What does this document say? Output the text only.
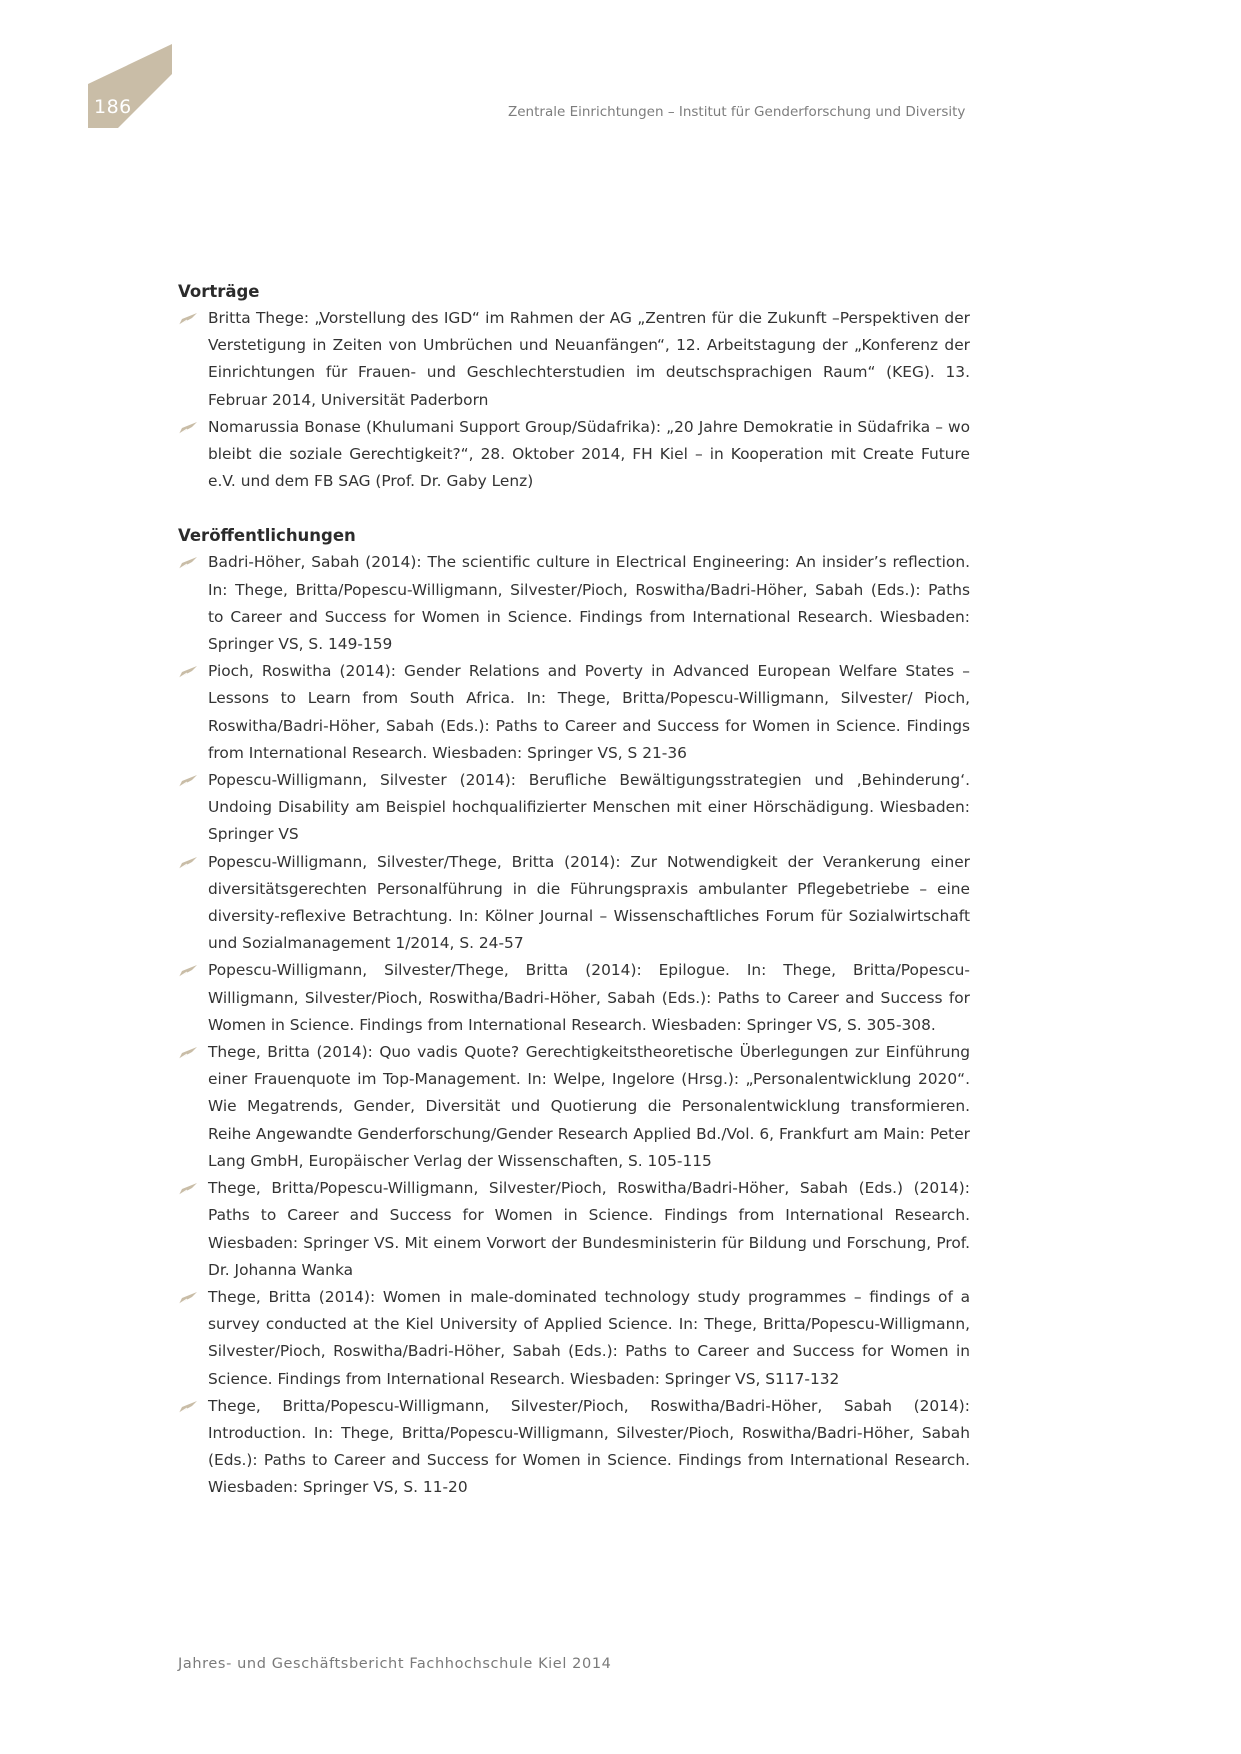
186	Zentrale Einrichtungen – Institut für Genderforschung und Diversity
Vorträge
Britta Thege: „Vorstellung des IGD“ im Rahmen der AG „Zentren für die Zukunft –Perspektiven der Verstetigung in Zeiten von Umbrüchen und Neuanfängen“, 12. Arbeitstagung der „Konferenz der Einrichtungen für Frauen- und Geschlechterstudien im deutschsprachigen Raum“ (KEG). 13. Februar 2014, Universität Paderborn
Nomarussia Bonase (Khulumani Support Group/Südafrika): „20 Jahre Demokratie in Südafrika – wo bleibt die soziale Gerechtigkeit?“, 28. Oktober 2014, FH Kiel – in Kooperation mit Create Future e.V. und dem FB SAG (Prof. Dr. Gaby Lenz)
Veröffentlichungen
Badri-Höher, Sabah (2014): The scientific culture in Electrical Engineering: An insider’s reflection. In: Thege, Britta/Popescu-Willigmann, Silvester/Pioch, Roswitha/Badri-Höher, Sabah (Eds.): Paths to Career and Success for Women in Science. Findings from International Research. Wiesbaden: Springer VS, S. 149-159
Pioch, Roswitha (2014): Gender Relations and Poverty in Advanced European Welfare States – Lessons to Learn from South Africa. In: Thege, Britta/Popescu-Willigmann, Silvester/ Pioch, Roswitha/Badri-Höher, Sabah (Eds.): Paths to Career and Success for Women in Science. Findings from International Research. Wiesbaden: Springer VS, S 21-36
Popescu-Willigmann, Silvester (2014): Berufliche Bewältigungsstrategien und ‚Behinderung‘. Undoing Disability am Beispiel hochqualifizierter Menschen mit einer Hörschädigung. Wiesbaden: Springer VS
Popescu-Willigmann, Silvester/Thege, Britta (2014): Zur Notwendigkeit der Verankerung einer diversitätsgerechten Personalführung in die Führungspraxis ambulanter Pflegebetriebe – eine diversity-reflexive Betrachtung. In: Kölner Journal – Wissenschaftliches Forum für Sozialwirtschaft und Sozialmanagement 1/2014, S. 24-57
Popescu-Willigmann, Silvester/Thege, Britta (2014): Epilogue. In: Thege, Britta/Popescu-Willigmann, Silvester/Pioch, Roswitha/Badri-Höher, Sabah (Eds.): Paths to Career and Success for Women in Science. Findings from International Research. Wiesbaden: Springer VS, S. 305-308.
Thege, Britta (2014): Quo vadis Quote? Gerechtigkeitstheoretische Überlegungen zur Einführung einer Frauenquote im Top-Management. In: Welpe, Ingelore (Hrsg.): „Personalentwicklung 2020“. Wie Megatrends, Gender, Diversität und Quotierung die Personalentwicklung transformieren. Reihe Angewandte Genderforschung/Gender Research Applied Bd./Vol. 6, Frankfurt am Main: Peter Lang GmbH, Europäischer Verlag der Wissenschaften, S. 105-115
Thege, Britta/Popescu-Willigmann, Silvester/Pioch, Roswitha/Badri-Höher, Sabah (Eds.) (2014): Paths to Career and Success for Women in Science. Findings from International Research. Wiesbaden: Springer VS. Mit einem Vorwort der Bundesministerin für Bildung und Forschung, Prof. Dr. Johanna Wanka
Thege, Britta (2014): Women in male-dominated technology study programmes – findings of a survey conducted at the Kiel University of Applied Science. In: Thege, Britta/Popescu-Willigmann, Silvester/Pioch, Roswitha/Badri-Höher, Sabah (Eds.): Paths to Career and Success for Women in Science. Findings from International Research. Wiesbaden: Springer VS, S117-132
Thege, Britta/Popescu-Willigmann, Silvester/Pioch, Roswitha/Badri-Höher, Sabah (2014): Introduction. In: Thege, Britta/Popescu-Willigmann, Silvester/Pioch, Roswitha/Badri-Höher, Sabah (Eds.): Paths to Career and Success for Women in Science. Findings from International Research. Wiesbaden: Springer VS, S. 11-20
Jahres- und Geschäftsbericht Fachhochschule Kiel 2014
